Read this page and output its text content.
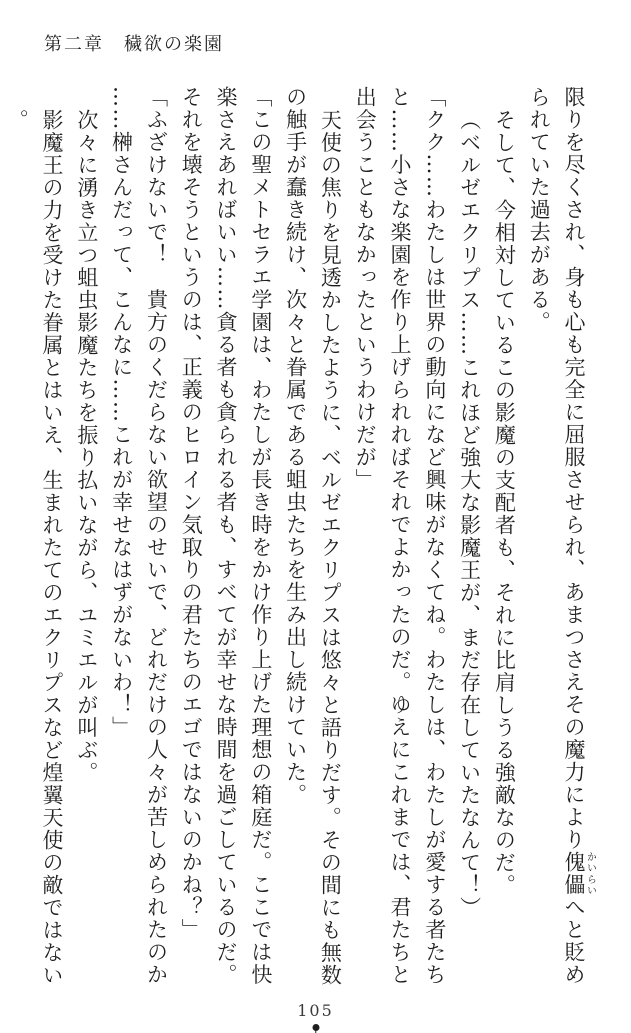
第二章　穢欲の楽園

限りを尽くされ、身も心も完全に屈服させられ、あまつさえその魔力により傀儡かいらいへと貶め

られていた過去がある。

そして、今相対しているこの影魔の支配者も、それに比肩しうる強敵なのだ。

（ベルゼエクリプス……これほど強大な影魔王が、まだ存在していたなんて！）

「クク……わたしは世界の動向になど興味がなくてね。わたしは、わたしが愛する者たち

と……小さな楽園を作り上げられればそれでよかったのだ。ゆえにこれまでは、君たちと

出会うこともなかったというわけだが」

天使の焦りを見透かしたように、ベルゼエクリプスは悠々と語りだす。その間にも無数

の触手が蠢き続け、次々と眷属である蛆虫たちを生み出し続けていた。

「この聖メトセラエ学園は、わたしが長き時をかけ作り上げた理想の箱庭だ。ここでは快

楽さえあればいい……貪る者も貪られる者も、すべてが幸せな時間を過ごしているのだ。

それを壊そうというのは、正義のヒロイン気取りの君たちのエゴではないのかね？」

「ふざけないで！　貴方のくだらない欲望のせいで、どれだけの人々が苦しめられたのか

……榊さんだって、こんなに……これが幸せなはずがないわ！」

次々に湧き立つ蛆虫影魔たちを振り払いながら、ユミエルが叫ぶ。

影魔王の力を受けた眷属とはいえ、生まれたてのエクリプスなど煌翼天使の敵ではない。

105
